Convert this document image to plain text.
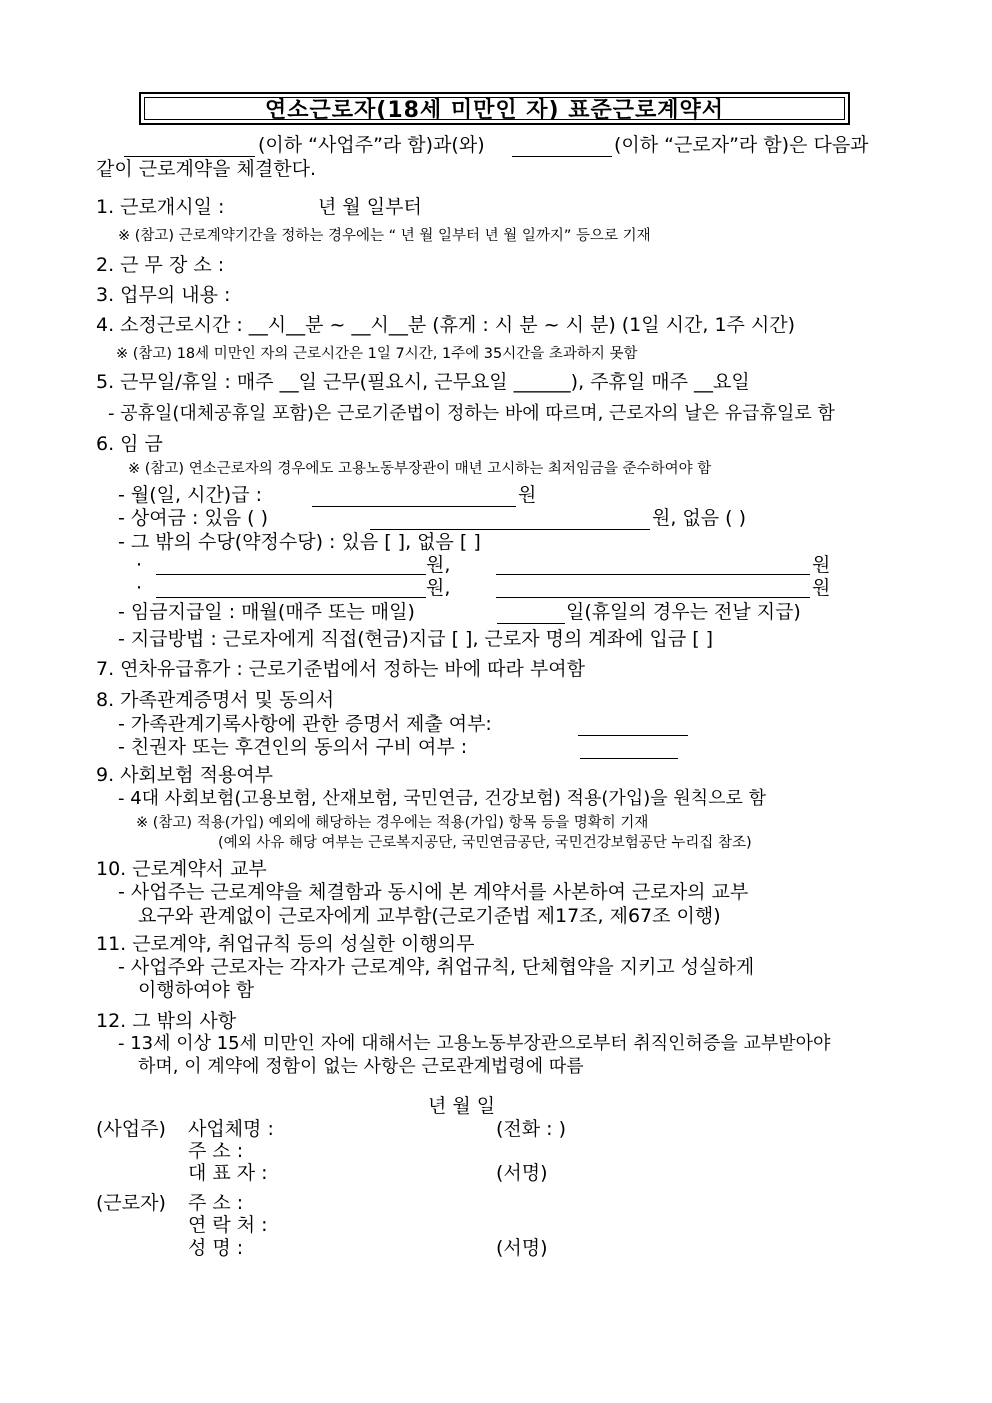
연소근로자(18세 미만인 자) 표준근로계약서
(이하 “사업주”라 함)과(와)	(이하 “근로자”라 함)은 다음과
같이 근로계약을 체결한다.
1. 근로개시일 :	년 월 일부터
※ (참고) 근로계약기간을 정하는 경우에는 “ 년 월 일부터 년 월 일까지” 등으로 기재
2. 근 무 장 소 :
3. 업무의 내용 :
4. 소정근로시간 : __시__분 ~ __시__분 (휴게 : 시 분 ~ 시 분) (1일 시간, 1주 시간)
※ (참고) 18세 미만인 자의 근로시간은 1일 7시간, 1주에 35시간을 초과하지 못함
5. 근무일/휴일 : 매주 __일 근무(필요시, 근무요일 ______), 주휴일 매주 __요일
- 공휴일(대체공휴일 포함)은 근로기준법이 정하는 바에 따르며, 근로자의 날은 유급휴일로 함
6. 임 금
※ (참고) 연소근로자의 경우에도 고용노동부장관이 매년 고시하는 최저임금을 준수하여야 함
- 월(일, 시간)급 :	원
- 상여금 : 있음 ( )	원, 없음 ( )
- 그 밖의 수당(약정수당) : 있음 [ ], 없음 [ ]
·	원,	원
·	원,	원
- 임금지급일 : 매월(매주 또는 매일)	일(휴일의 경우는 전날 지급)
- 지급방법 : 근로자에게 직접(현금)지급 [ ], 근로자 명의 계좌에 입금 [ ]
7. 연차유급휴가 : 근로기준법에서 정하는 바에 따라 부여함
8. 가족관계증명서 및 동의서
- 가족관계기록사항에 관한 증명서 제출 여부:
- 친권자 또는 후견인의 동의서 구비 여부 :
9. 사회보험 적용여부
- 4대 사회보험(고용보험, 산재보험, 국민연금, 건강보험) 적용(가입)을 원칙으로 함
※ (참고) 적용(가입) 예외에 해당하는 경우에는 적용(가입) 항목 등을 명확히 기재
(예외 사유 해당 여부는 근로복지공단, 국민연금공단, 국민건강보험공단 누리집 참조)
10. 근로계약서 교부
- 사업주는 근로계약을 체결함과 동시에 본 계약서를 사본하여 근로자의 교부
요구와 관계없이 근로자에게 교부함(근로기준법 제17조, 제67조 이행)
11. 근로계약, 취업규칙 등의 성실한 이행의무
- 사업주와 근로자는 각자가 근로계약, 취업규칙, 단체협약을 지키고 성실하게
이행하여야 함
12. 그 밖의 사항
- 13세 이상 15세 미만인 자에 대해서는 고용노동부장관으로부터 취직인허증을 교부받아야
하며, 이 계약에 정함이 없는 사항은 근로관계법령에 따름
년 월 일
(사업주) 사업체명 :	(전화 : )
주 소 :
대 표 자 :	(서명)
(근로자) 주 소 :
연 락 처 :
성 명 :	(서명)
